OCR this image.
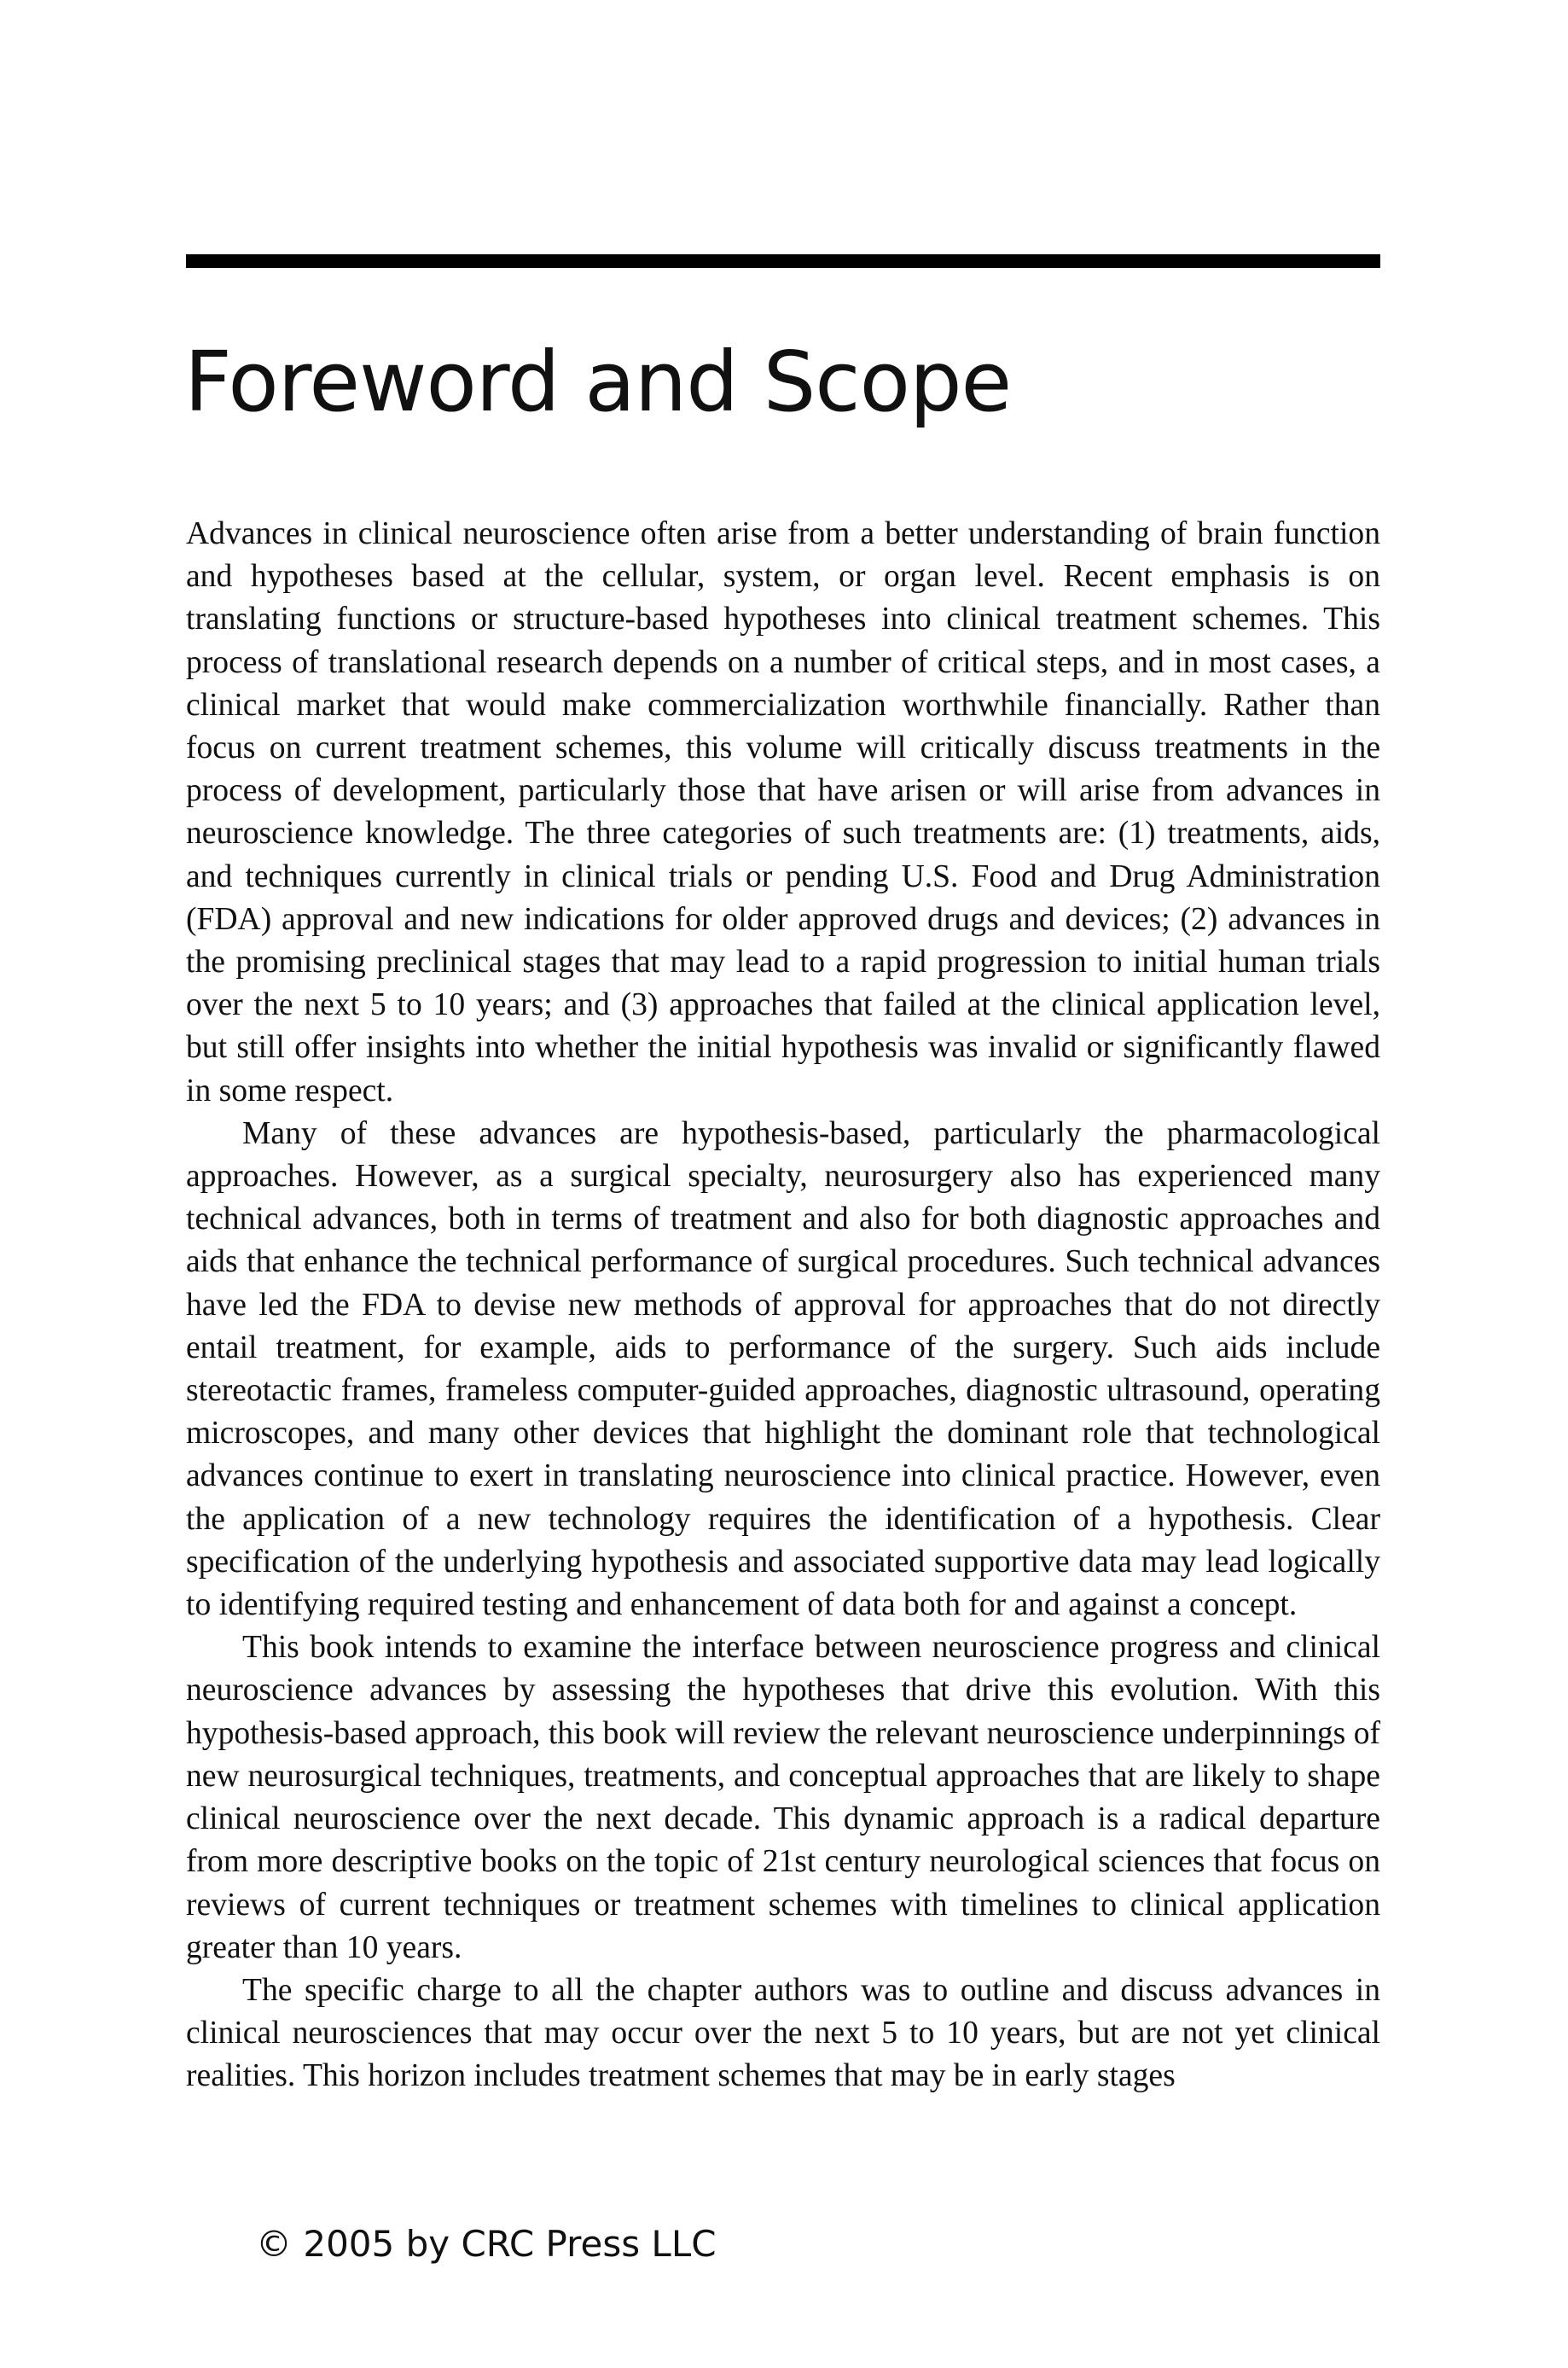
Foreword and Scope

Advances in clinical neuroscience often arise from a better understanding of brain function and hypotheses based at the cellular, system, or organ level. Recent emphasis is on translating functions or structure-based hypotheses into clinical treatment schemes. This process of translational research depends on a number of critical steps, and in most cases, a clinical market that would make commercialization worthwhile financially. Rather than focus on current treatment schemes, this volume will critically discuss treatments in the process of development, particularly those that have arisen or will arise from advances in neuroscience knowledge. The three categories of such treatments are: (1) treatments, aids, and techniques currently in clinical trials or pending U.S. Food and Drug Administration (FDA) approval and new indications for older approved drugs and devices; (2) advances in the promising preclinical stages that may lead to a rapid progression to initial human trials over the next 5 to 10 years; and (3) approaches that failed at the clinical application level, but still offer insights into whether the initial hypothesis was invalid or significantly flawed in some respect.

Many of these advances are hypothesis-based, particularly the pharmacological approaches. However, as a surgical specialty, neurosurgery also has experienced many technical advances, both in terms of treatment and also for both diagnostic approaches and aids that enhance the technical performance of surgical procedures. Such technical advances have led the FDA to devise new methods of approval for approaches that do not directly entail treatment, for example, aids to performance of the surgery. Such aids include stereotactic frames, frameless computer-guided approaches, diagnostic ultrasound, operating microscopes, and many other devices that highlight the dominant role that technological advances continue to exert in translating neuroscience into clinical practice. However, even the application of a new technology requires the identification of a hypothesis. Clear specification of the underlying hypothesis and associated supportive data may lead logically to identifying required testing and enhancement of data both for and against a concept.

This book intends to examine the interface between neuroscience progress and clinical neuroscience advances by assessing the hypotheses that drive this evolution. With this hypothesis-based approach, this book will review the relevant neuroscience underpinnings of new neurosurgical techniques, treatments, and conceptual approaches that are likely to shape clinical neuroscience over the next decade. This dynamic approach is a radical departure from more descriptive books on the topic of 21st century neurological sciences that focus on reviews of current techniques or treatment schemes with timelines to clinical application greater than 10 years.

The specific charge to all the chapter authors was to outline and discuss advances in clinical neurosciences that may occur over the next 5 to 10 years, but are not yet clinical realities. This horizon includes treatment schemes that may be in early stages

© 2005 by CRC Press LLC
